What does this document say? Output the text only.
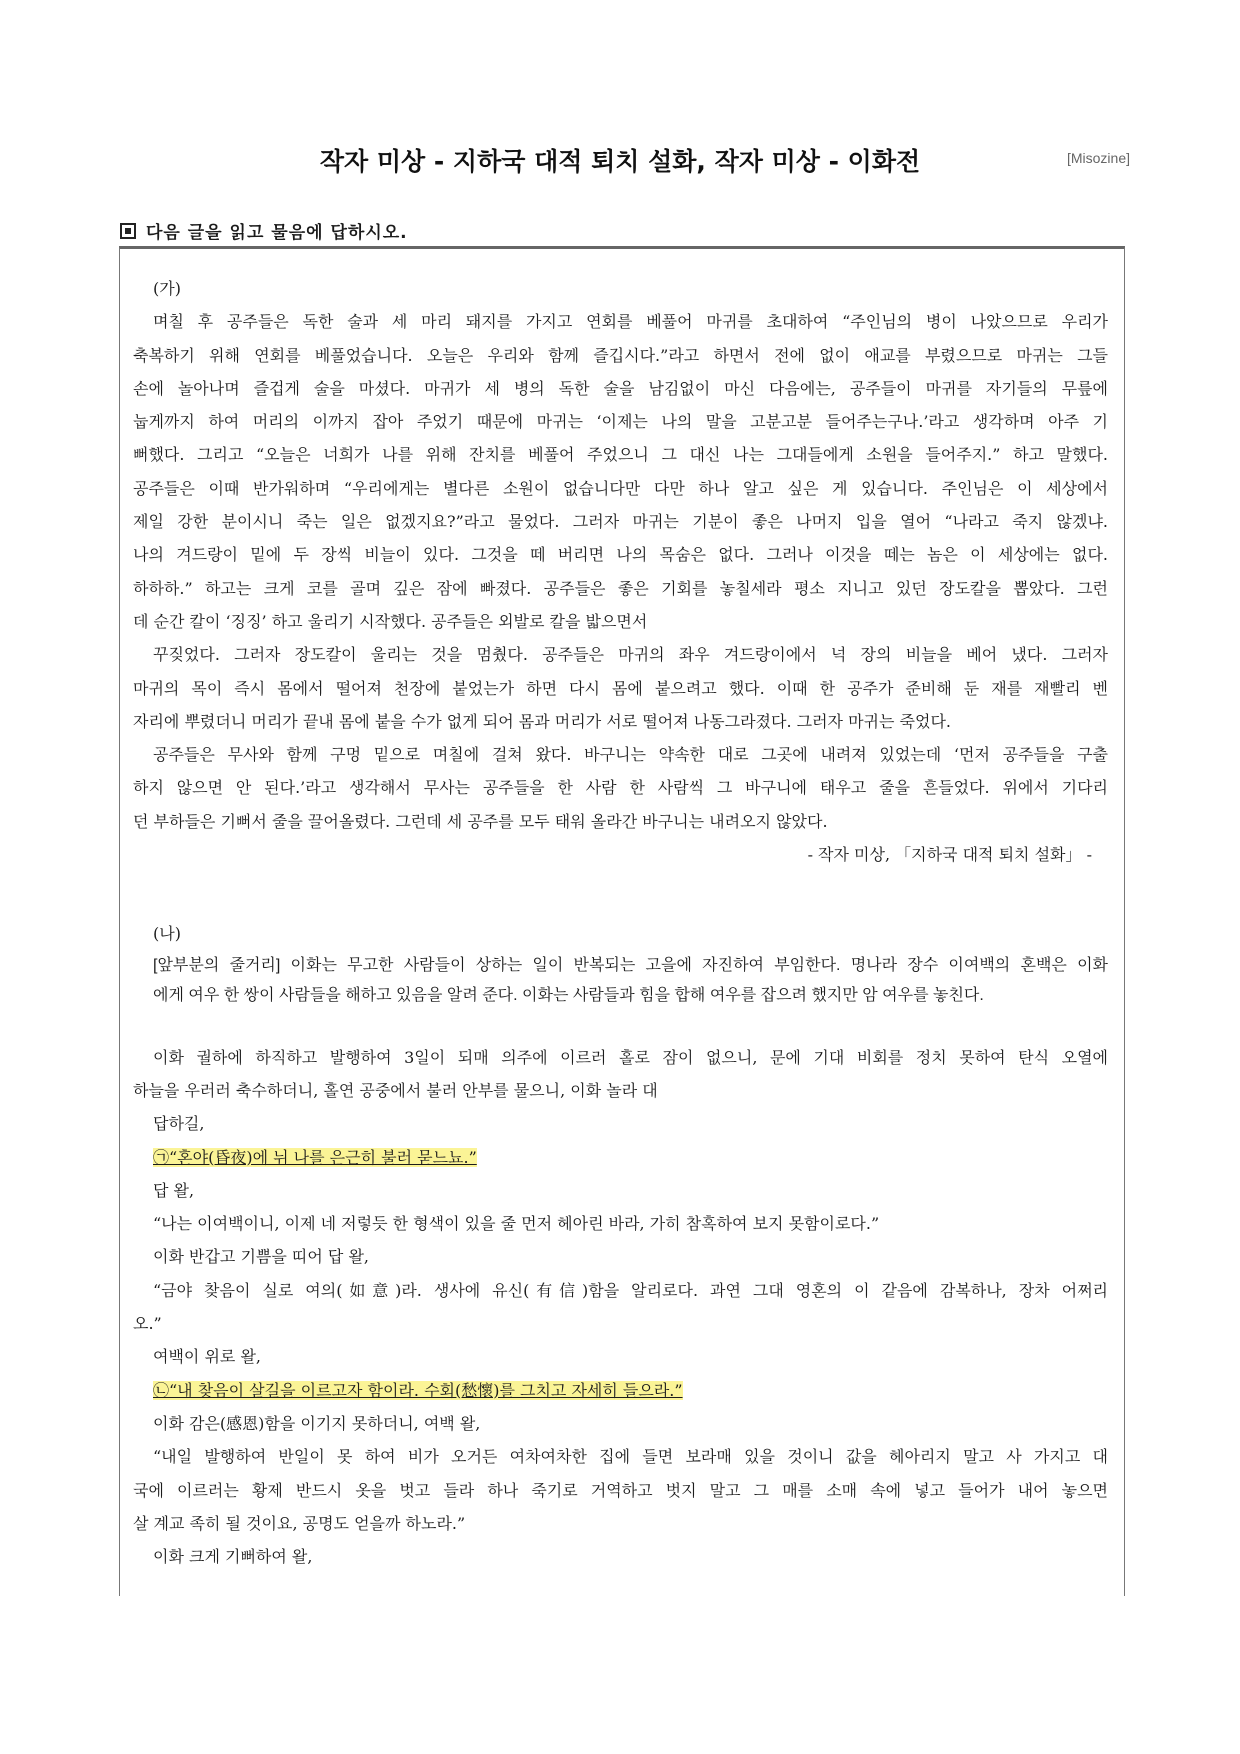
작자 미상 - 지하국 대적 퇴치 설화, 작자 미상 - 이화전	[Misozine]
다음 글을 읽고 물음에 답하시오.
(가)
며칠 후 공주들은 독한 술과 세 마리 돼지를 가지고 연회를 베풀어 마귀를 초대하여 “주인님의 병이 나았으므로 우리가
축복하기 위해 연회를 베풀었습니다. 오늘은 우리와 함께 즐깁시다.”라고 하면서 전에 없이 애교를 부렸으므로 마귀는 그들
손에 놀아나며 즐겁게 술을 마셨다. 마귀가 세 병의 독한 술을 남김없이 마신 다음에는, 공주들이 마귀를 자기들의 무릎에
눕게까지 하여 머리의 이까지 잡아 주었기 때문에 마귀는 ‘이제는 나의 말을 고분고분 들어주는구나.’라고 생각하며 아주 기
뻐했다. 그리고 “오늘은 너희가 나를 위해 잔치를 베풀어 주었으니 그 대신 나는 그대들에게 소원을 들어주지.” 하고 말했다.
공주들은 이때 반가워하며 “우리에게는 별다른 소원이 없습니다만 다만 하나 알고 싶은 게 있습니다. 주인님은 이 세상에서
제일 강한 분이시니 죽는 일은 없겠지요?”라고 물었다. 그러자 마귀는 기분이 좋은 나머지 입을 열어 “나라고 죽지 않겠냐.
나의 겨드랑이 밑에 두 장씩 비늘이 있다. 그것을 떼 버리면 나의 목숨은 없다. 그러나 이것을 떼는 놈은 이 세상에는 없다.
하하하.” 하고는 크게 코를 골며 깊은 잠에 빠졌다. 공주들은 좋은 기회를 놓칠세라 평소 지니고 있던 장도칼을 뽑았다. 그런
데 순간 칼이 ‘징징’ 하고 울리기 시작했다. 공주들은 외발로 칼을 밟으면서
꾸짖었다. 그러자 장도칼이 울리는 것을 멈췄다. 공주들은 마귀의 좌우 겨드랑이에서 넉 장의 비늘을 베어 냈다. 그러자
마귀의 목이 즉시 몸에서 떨어져 천장에 붙었는가 하면 다시 몸에 붙으려고 했다. 이때 한 공주가 준비해 둔 재를 재빨리 벤
자리에 뿌렸더니 머리가 끝내 몸에 붙을 수가 없게 되어 몸과 머리가 서로 떨어져 나동그라졌다. 그러자 마귀는 죽었다.
공주들은 무사와 함께 구멍 밑으로 며칠에 걸쳐 왔다. 바구니는 약속한 대로 그곳에 내려져 있었는데 ‘먼저 공주들을 구출
하지 않으면 안 된다.’라고 생각해서 무사는 공주들을 한 사람 한 사람씩 그 바구니에 태우고 줄을 흔들었다. 위에서 기다리
던 부하들은 기뻐서 줄을 끌어올렸다. 그런데 세 공주를 모두 태워 올라간 바구니는 내려오지 않았다.
- 작자 미상, 「지하국 대적 퇴치 설화」 -
(나)
[앞부분의 줄거리] 이화는 무고한 사람들이 상하는 일이 반복되는 고을에 자진하여 부임한다. 명나라 장수 이여백의 혼백은 이화
에게 여우 한 쌍이 사람들을 해하고 있음을 알려 준다. 이화는 사람들과 힘을 합해 여우를 잡으려 했지만 암 여우를 놓친다.
이화 궐하에 하직하고 발행하여 3일이 되매 의주에 이르러 홀로 잠이 없으니, 문에 기대 비회를 정치 못하여 탄식 오열에
하늘을 우러러 축수하더니, 홀연 공중에서 불러 안부를 물으니, 이화 놀라 대
답하길,
㉠“혼야(昏夜)에 뉘 나를 은근히 불러 묻느뇨.”
답 왈,
“나는 이여백이니, 이제 네 저렇듯 한 형색이 있을 줄 먼저 헤아린 바라, 가히 참혹하여 보지 못함이로다.”
이화 반갑고 기쁨을 띠어 답 왈,
“금야 찾음이 실로 여의(如意)라. 생사에 유신(有信)함을 알리로다. 과연 그대 영혼의 이 같음에 감복하나, 장차 어쩌리
오.”
여백이 위로 왈,
㉡“내 찾음이 살길을 이르고자 함이라. 수회(愁懷)를 그치고 자세히 들으라.”
이화 감은(感恩)함을 이기지 못하더니, 여백 왈,
“내일 발행하여 반일이 못 하여 비가 오거든 여차여차한 집에 들면 보라매 있을 것이니 값을 헤아리지 말고 사 가지고 대
국에 이르러는 황제 반드시 옷을 벗고 들라 하나 죽기로 거역하고 벗지 말고 그 매를 소매 속에 넣고 들어가 내어 놓으면
살 계교 족히 될 것이요, 공명도 얻을까 하노라.”
이화 크게 기뻐하여 왈,
